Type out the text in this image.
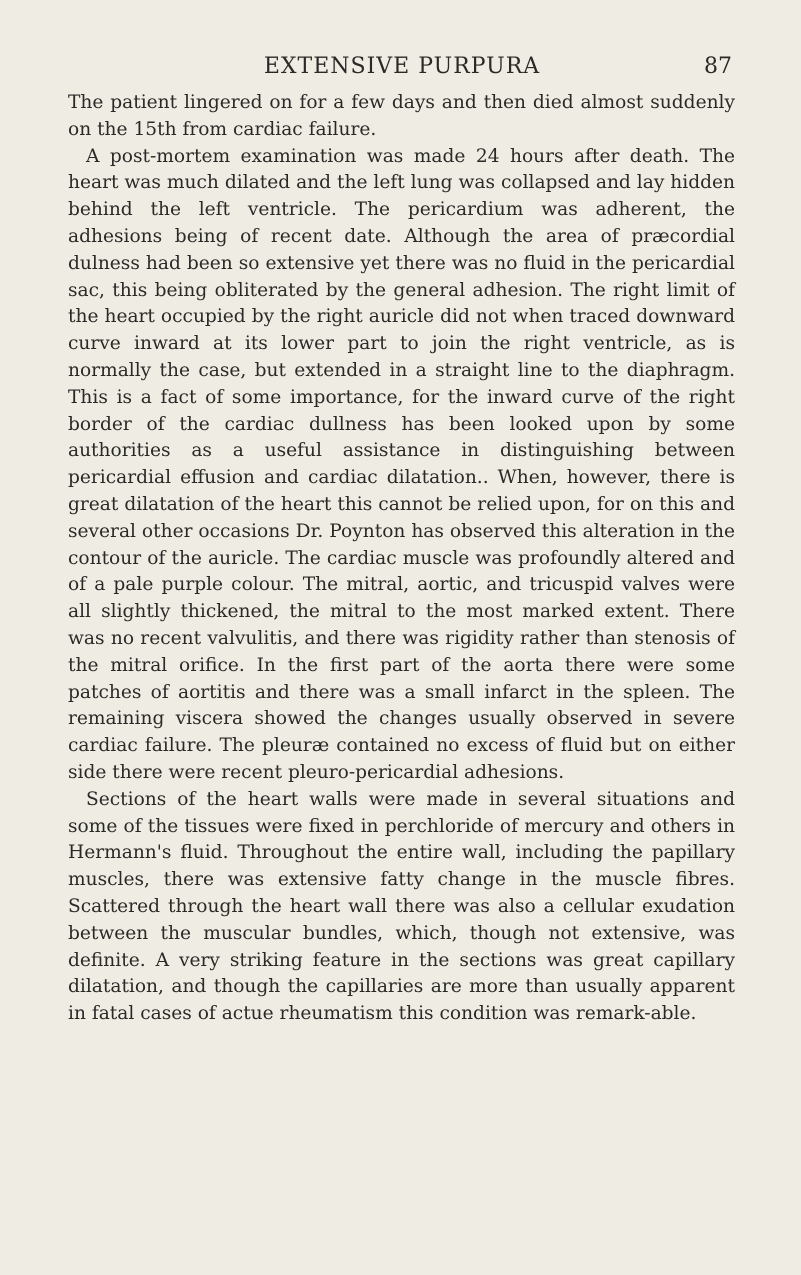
EXTENSIVE PURPURA	87

The patient lingered on for a few days and then died almost suddenly on the 15th from cardiac failure.

A post-mortem examination was made 24 hours after death. The heart was much dilated and the left lung was collapsed and lay hidden behind the left ventricle. The pericardium was adherent, the adhesions being of recent date. Although the area of præcordial dulness had been so extensive yet there was no fluid in the pericardial sac, this being obliterated by the general adhesion. The right limit of the heart occupied by the right auricle did not when traced downward curve inward at its lower part to join the right ventricle, as is normally the case, but extended in a straight line to the diaphragm. This is a fact of some importance, for the inward curve of the right border of the cardiac dullness has been looked upon by some authorities as a useful assistance in distinguishing between pericardial effusion and cardiac dilatation.. When, however, there is great dilatation of the heart this cannot be relied upon, for on this and several other occasions Dr. Poynton has observed this alteration in the contour of the auricle. The cardiac muscle was profoundly altered and of a pale purple colour. The mitral, aortic, and tricuspid valves were all slightly thickened, the mitral to the most marked extent. There was no recent valvulitis, and there was rigidity rather than stenosis of the mitral orifice. In the first part of the aorta there were some patches of aortitis and there was a small infarct in the spleen. The remaining viscera showed the changes usually observed in severe cardiac failure. The pleuræ contained no excess of fluid but on either side there were recent pleuro-pericardial adhesions.

Sections of the heart walls were made in several situations and some of the tissues were fixed in perchloride of mercury and others in Hermann's fluid. Throughout the entire wall, including the papillary muscles, there was extensive fatty change in the muscle fibres. Scattered through the heart wall there was also a cellular exudation between the muscular bundles, which, though not extensive, was definite. A very striking feature in the sections was great capillary dilatation, and though the capillaries are more than usually apparent in fatal cases of actue rheumatism this condition was remark-able.
